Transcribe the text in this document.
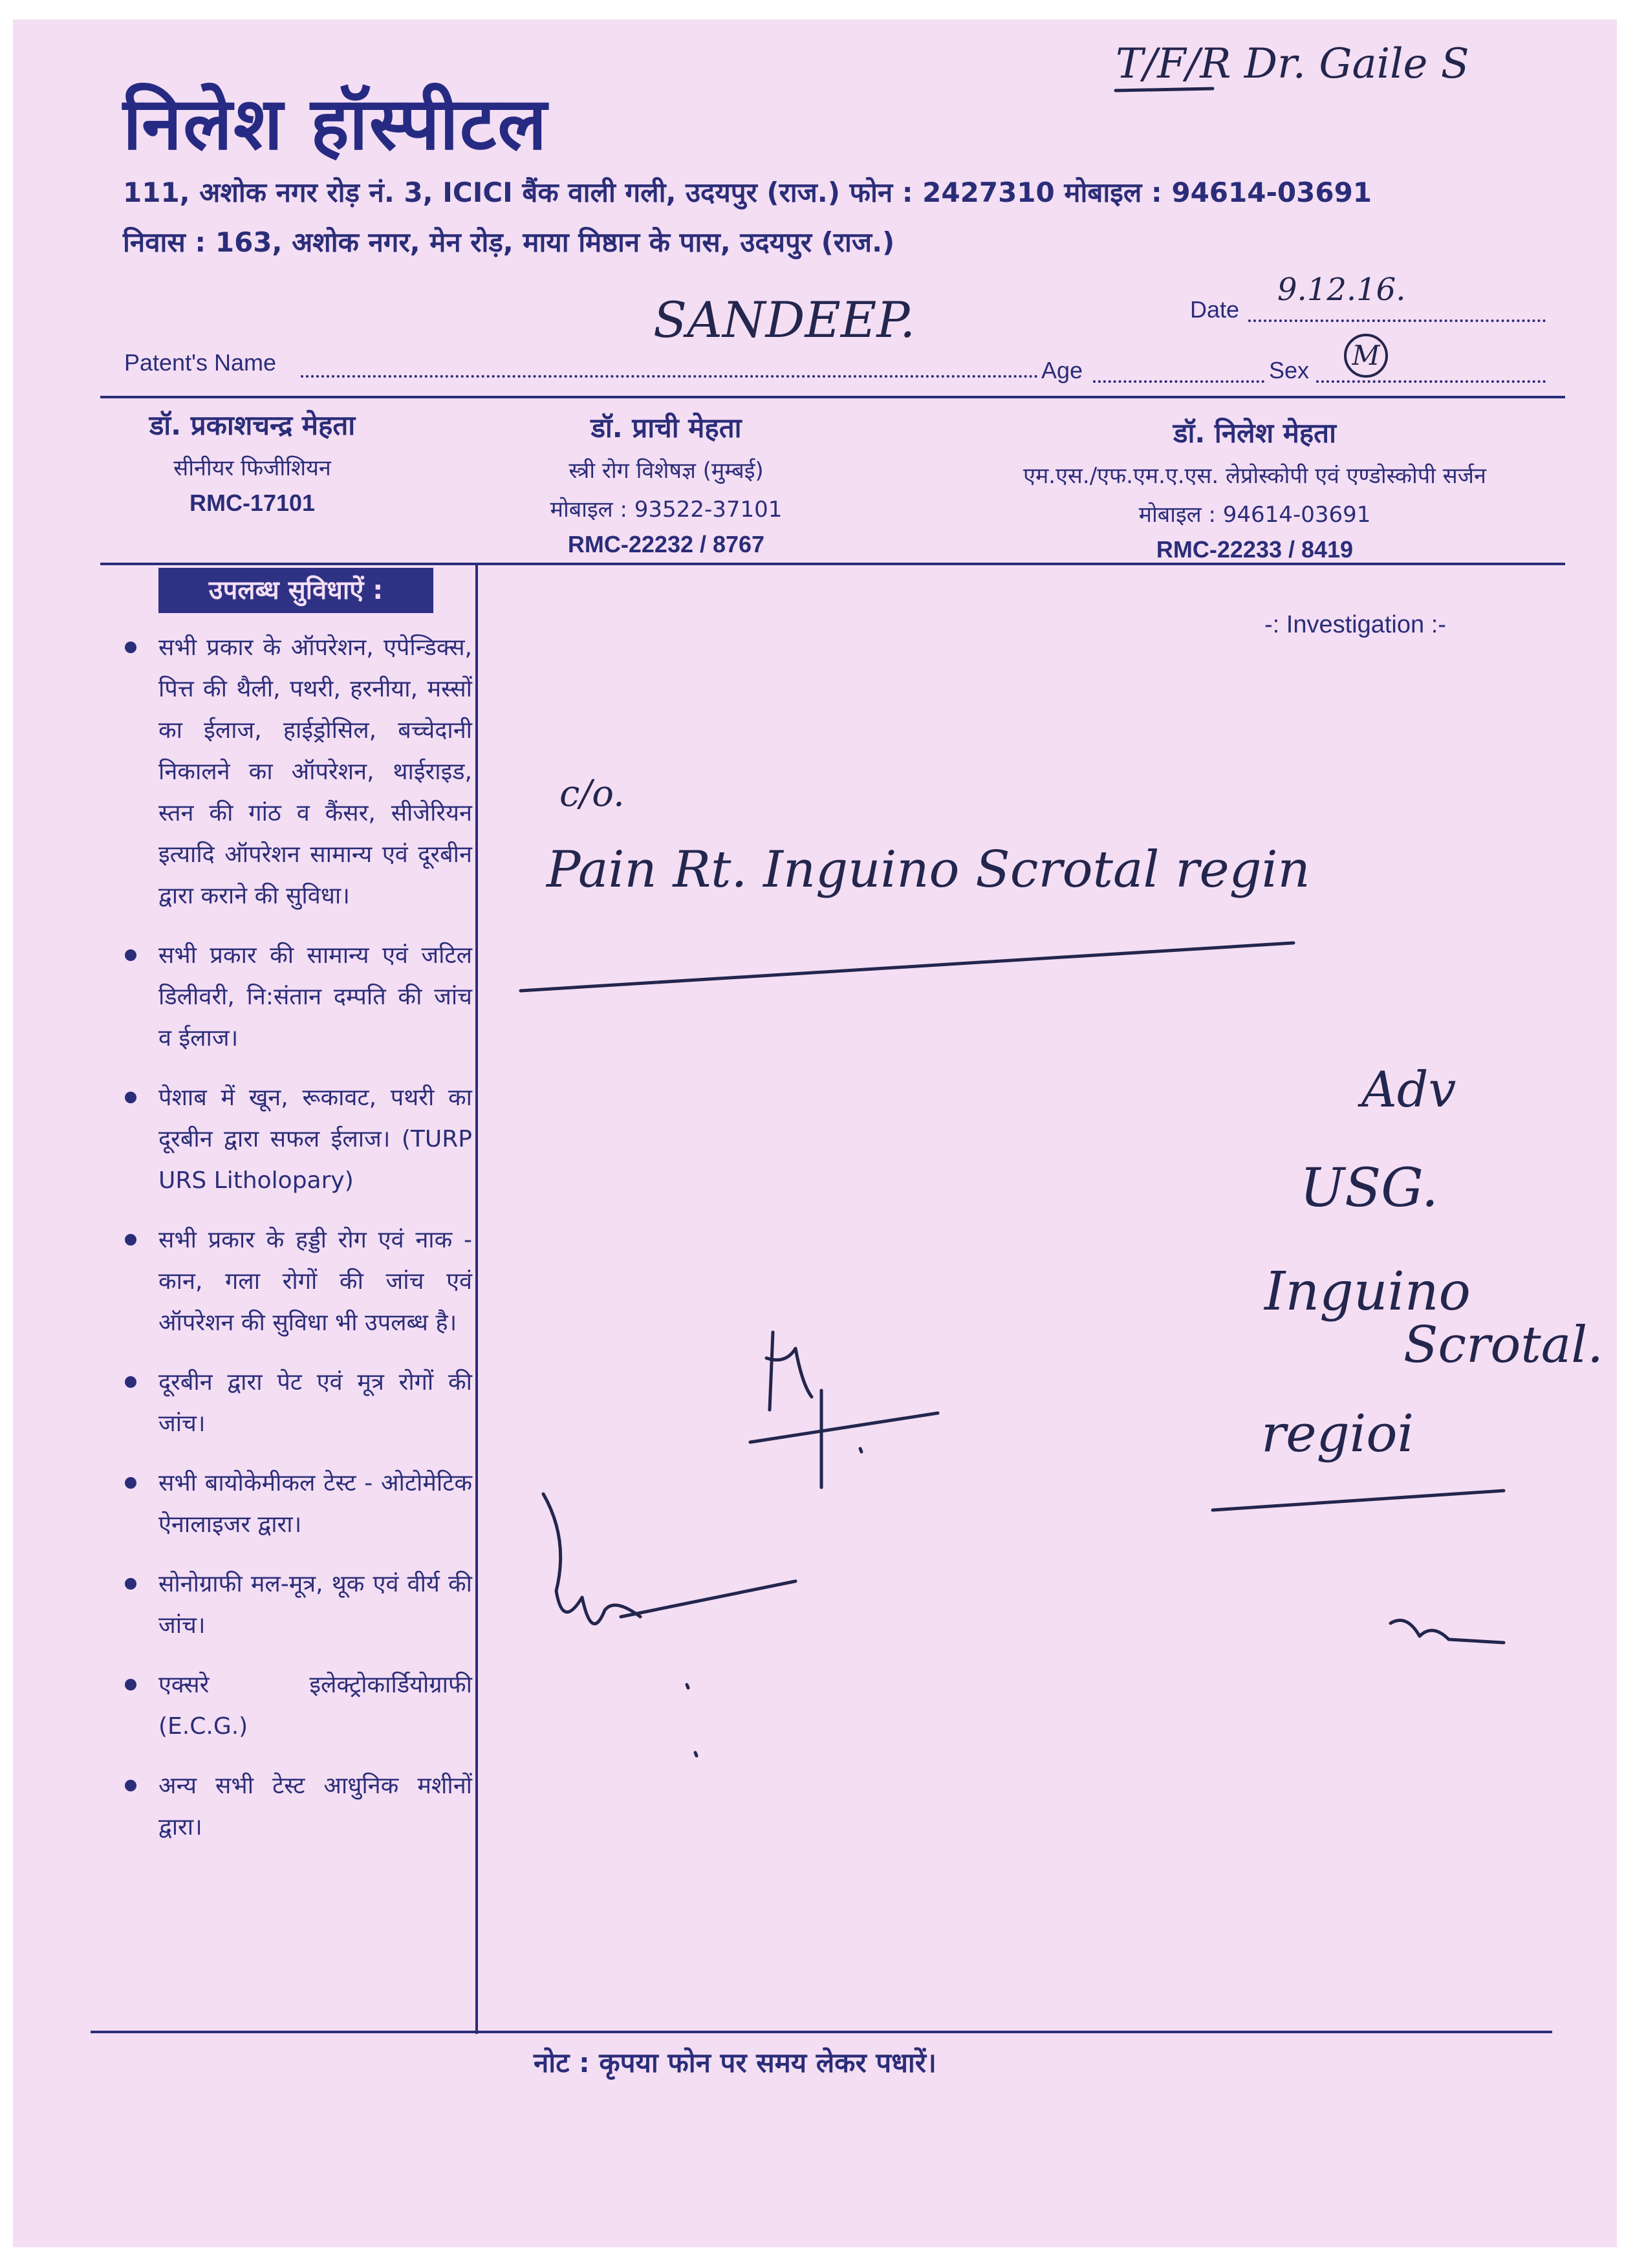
निलेश हॉस्पीटल
T/F/R Dr. Gaile S
111, अशोक नगर रोड़ नं. 3, ICICI बैंक वाली गली, उदयपुर (राज.) फोन : 2427310 मोबाइल : 94614-03691
निवास : 163, अशोक नगर, मेन रोड़, माया मिष्ठान के पास, उदयपुर (राज.)
Date
9.12.16.
Patent's Name
SANDEEP.
Age	Sex M
डॉ. प्रकाशचन्द्र मेहता
सीनीयर फिजीशियन
RMC-17101
डॉ. प्राची मेहता
स्त्री रोग विशेषज्ञ (मुम्बई)
मोबाइल : 93522-37101
RMC-22232 / 8767
डॉ. निलेश मेहता
एम.एस./एफ.एम.ए.एस. लेप्रोस्कोपी एवं एण्डोस्कोपी सर्जन
मोबाइल : 94614-03691
RMC-22233 / 8419
उपलब्ध सुविधाऐं :
सभी प्रकार के ऑपरेशन, एपेन्डिक्स, पित्त की थैली, पथरी, हरनीया, मस्सों का ईलाज, हाईड्रोसिल, बच्चेदानी निकालने का ऑपरेशन, थाईराइड, स्तन की गांठ व कैंसर, सीजेरियन इत्यादि ऑपरेशन सामान्य एवं दूरबीन द्वारा कराने की सुविधा।
सभी प्रकार की सामान्य एवं जटिल डिलीवरी, नि:संतान दम्पति की जांच व ईलाज।
पेशाब में खून, रूकावट, पथरी का दूरबीन द्वारा सफल ईलाज। (TURP URS Litholopary)
सभी प्रकार के हड्डी रोग एवं नाक - कान, गला रोगों की जांच एवं ऑपरेशन की सुविधा भी उपलब्ध है।
दूरबीन द्वारा पेट एवं मूत्र रोगों की जांच।
सभी बायोकेमीकल टेस्ट - ओटोमेटिक ऐनालाइजर द्वारा।
सोनोग्राफी मल-मूत्र, थूक एवं वीर्य की जांच।
एक्सरे इलेक्ट्रोकार्डियोग्राफी (E.C.G.)
अन्य सभी टेस्ट आधुनिक मशीनों द्वारा।
-: Investigation :-
c/o.
Pain Rt. Inguino Scrotal regin
Adv
USG.
Inguino
Scrotal.
regioi
नोट : कृपया फोन पर समय लेकर पधारें।
